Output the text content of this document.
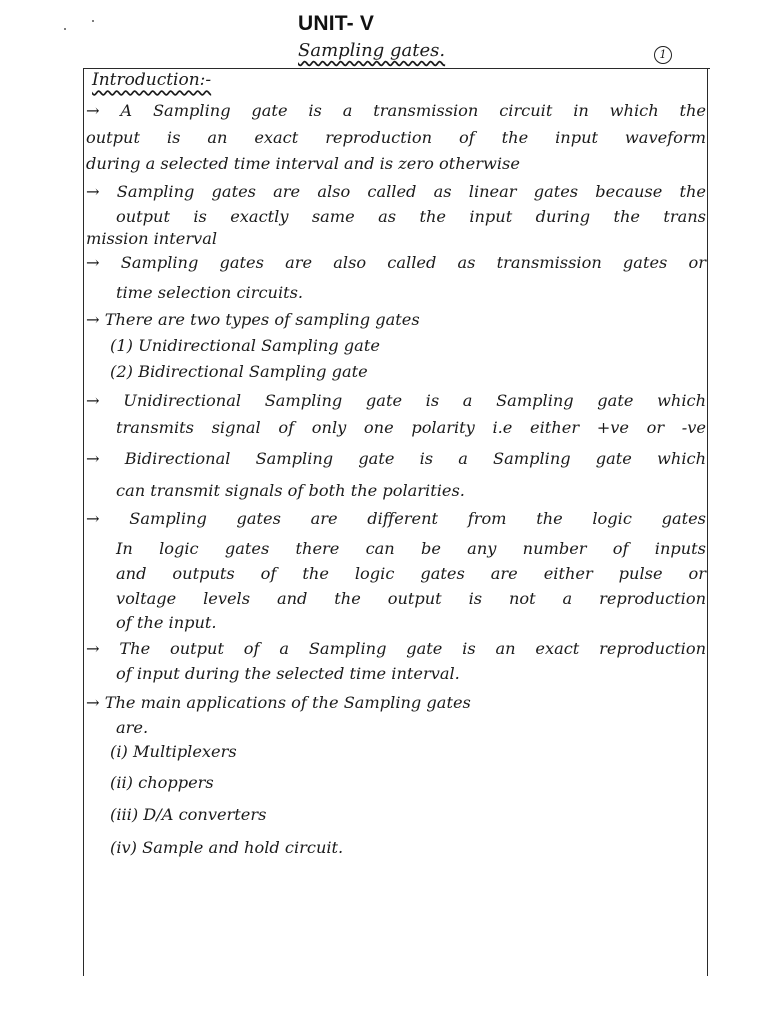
UNIT- V
Sampling gates.	1
Introduction:-
→ A Sampling gate is a transmission circuit in which the
output is an exact reproduction of the input waveform
during a selected time interval and is zero otherwise
→ Sampling gates are also called as linear gates because the
output is exactly same as the input during the trans
mission interval
→ Sampling gates are also called as transmission gates or
time selection circuits.
→ There are two types of sampling gates
(1) Unidirectional Sampling gate
(2) Bidirectional Sampling gate
→ Unidirectional Sampling gate is a Sampling gate which
transmits signal of only one polarity i.e either +ve or -ve
→ Bidirectional Sampling gate is a Sampling gate which
can transmit signals of both the polarities.
→ Sampling gates are different from the logic gates
In logic gates there can be any number of inputs
and outputs of the logic gates are either pulse or
voltage levels and the output is not a reproduction
of the input.
→ The output of a Sampling gate is an exact reproduction
of input during the selected time interval.
→ The main applications of the Sampling gates
are.
(i) Multiplexers
(ii) choppers
(iii) D/A converters
(iv) Sample and hold circuit.
